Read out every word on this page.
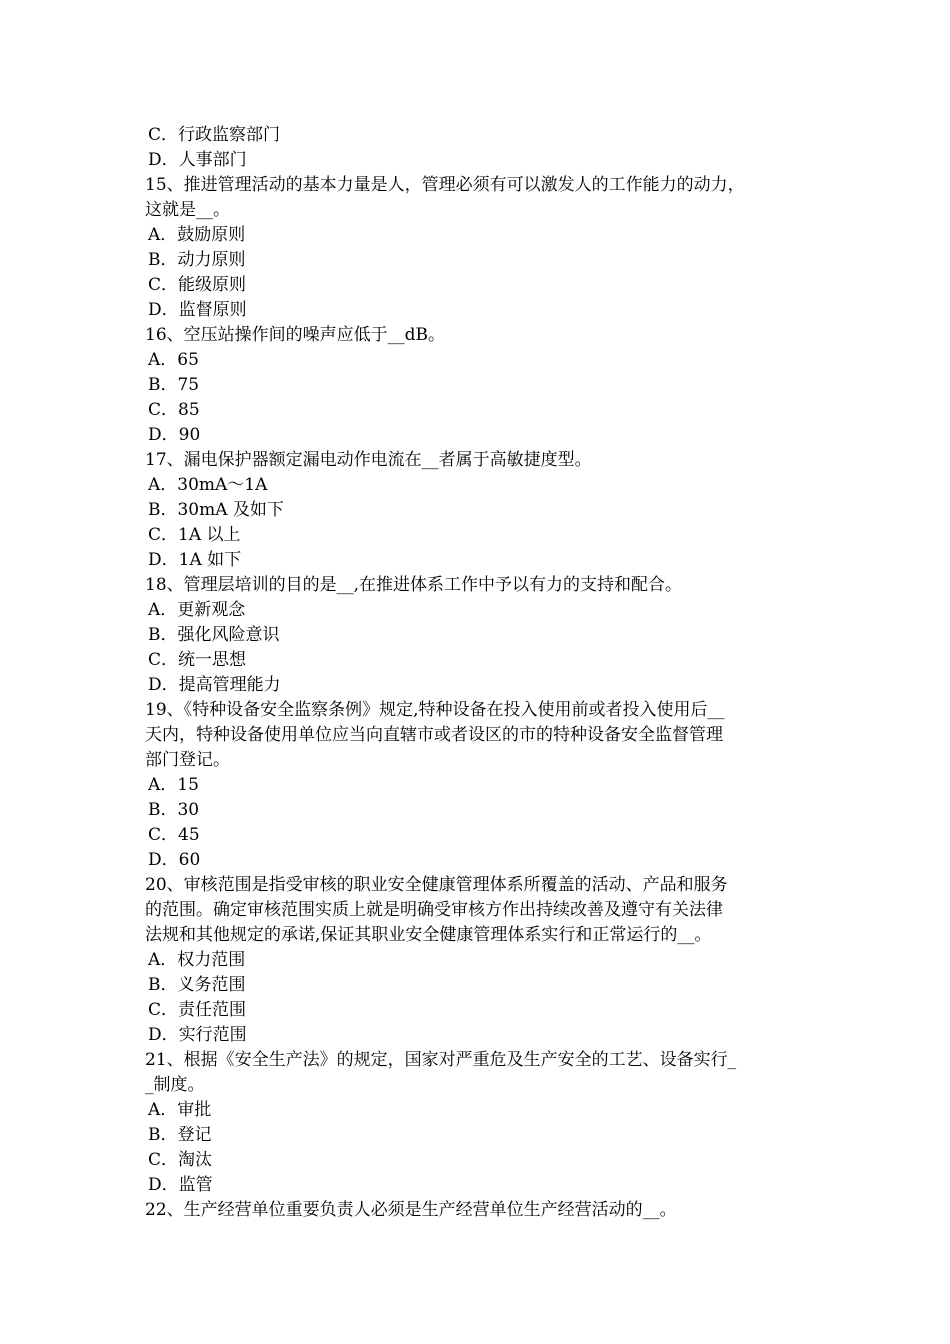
C．行政监察部门
D．人事部门
15、推进管理活动的基本力量是人，管理必须有可以激发人的工作能力的动力，
这就是__。
A．鼓励原则
B．动力原则
C．能级原则
D．监督原则
16、空压站操作间的噪声应低于__dB。
A．65
B．75
C．85
D．90
17、漏电保护器额定漏电动作电流在__者属于高敏捷度型。
A．30mA～1A
B．30mA 及如下
C．1A 以上
D．1A 如下
18、管理层培训的目的是__,在推进体系工作中予以有力的支持和配合。
A．更新观念
B．强化风险意识
C．统一思想
D．提高管理能力
19、《特种设备安全监察条例》规定,特种设备在投入使用前或者投入使用后__
天内，特种设备使用单位应当向直辖市或者设区的市的特种设备安全监督管理
部门登记。
A．15
B．30
C．45
D．60
20、审核范围是指受审核的职业安全健康管理体系所覆盖的活动、产品和服务
的范围。确定审核范围实质上就是明确受审核方作出持续改善及遵守有关法律
法规和其他规定的承诺,保证其职业安全健康管理体系实行和正常运行的__。
A．权力范围
B．义务范围
C．责任范围
D．实行范围
21、根据《安全生产法》的规定，国家对严重危及生产安全的工艺、设备实行_
_制度。
A．审批
B．登记
C．淘汰
D．监管
22、生产经营单位重要负责人必须是生产经营单位生产经营活动的__。
